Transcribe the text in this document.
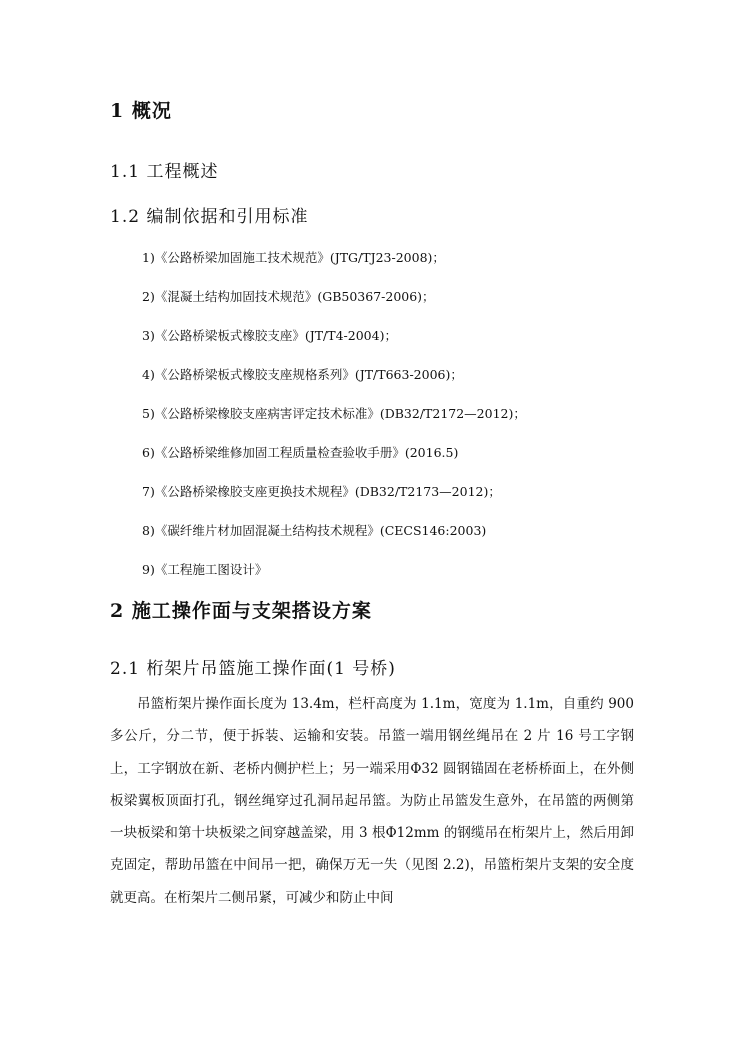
1 概况
1.1 工程概述
1.2 编制依据和引用标准
1)《公路桥梁加固施工技术规范》(JTG/TJ23-2008)；
2)《混凝土结构加固技术规范》(GB50367-2006)；
3)《公路桥梁板式橡胶支座》(JT/T4-2004)；
4)《公路桥梁板式橡胶支座规格系列》(JT/T663-2006)；
5)《公路桥梁橡胶支座病害评定技术标准》(DB32/T2172—2012)；
6)《公路桥梁维修加固工程质量检查验收手册》(2016.5)
7)《公路桥梁橡胶支座更换技术规程》(DB32/T2173—2012)；
8)《碳纤维片材加固混凝土结构技术规程》(CECS146:2003)
9)《工程施工图设计》
2 施工操作面与支架搭设方案
2.1 桁架片吊篮施工操作面(1 号桥)

吊篮桁架片操作面长度为 13.4m，栏杆高度为 1.1m，宽度为 1.1m，自重约 900 多公斤，分二节，便于拆装、运输和安装。吊篮一端用钢丝绳吊在 2 片 16 号工字钢上，工字钢放在新、老桥内侧护栏上；另一端采用Φ32 圆钢锚固在老桥桥面上，在外侧板梁翼板顶面打孔，钢丝绳穿过孔洞吊起吊篮。为防止吊篮发生意外，在吊篮的两侧第一块板梁和第十块板梁之间穿越盖梁，用 3 根Φ12mm 的钢缆吊在桁架片上，然后用卸克固定，帮助吊篮在中间吊一把，确保万无一失（见图 2.2)，吊篮桁架片支架的安全度就更高。在桁架片二侧吊紧，可减少和防止中间
